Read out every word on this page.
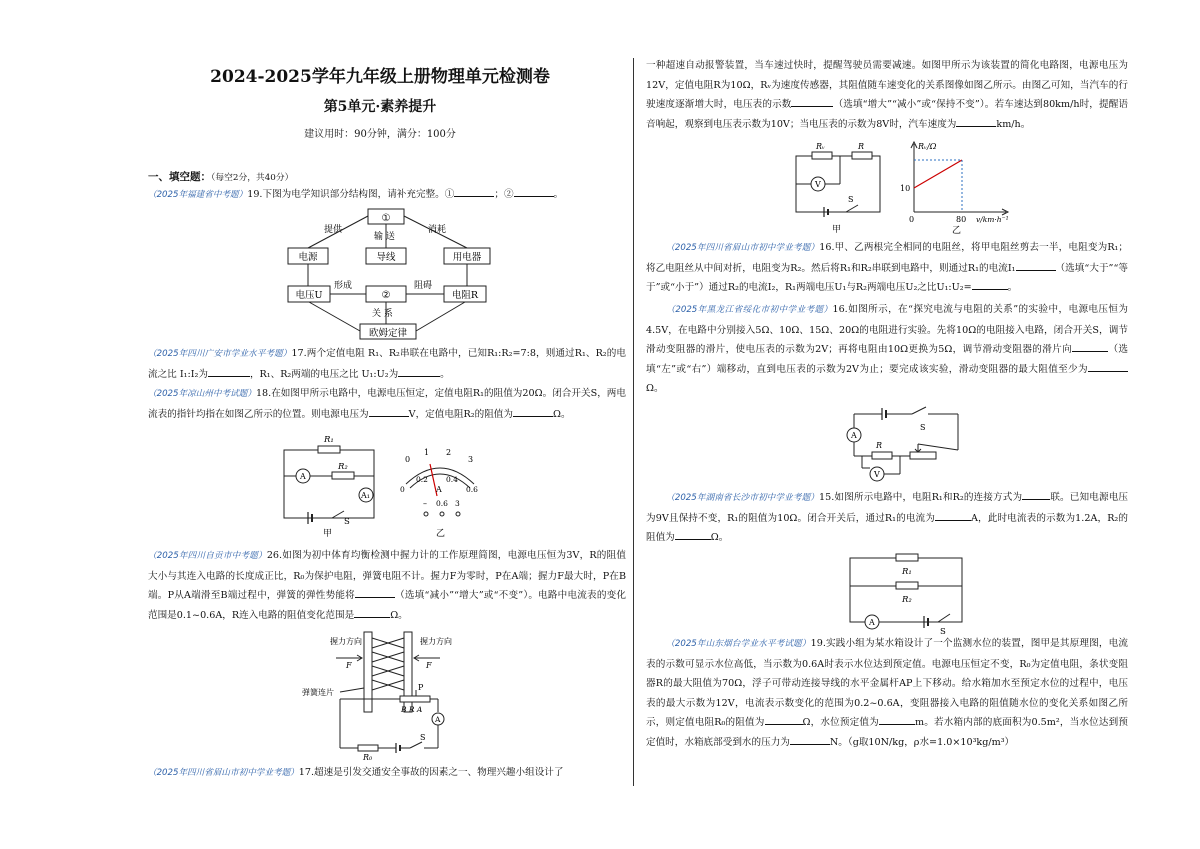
2024-2025学年九年级上册物理单元检测卷
第5单元·素养提升
建议用时：90分钟，满分：100分
一、填空题：（每空2分，共40分）
（2025年福建省中考题）19.下图为电学知识部分结构图，请补充完整。①	；②	。
①
电源	导线	用电器
电压U	②	电阻R
欧姆定律
提供	消耗
输 送
形成	阻碍
关 系
（2025年四川广安市学业水平考题）17.两个定值电阻 R₁、R₂串联在电路中，已知R₁:R₂=7:8，则通过R₁、R₂的电流之比 I₁:I₂为	，R₁、R₂两端的电压之比 U₁:U₂为	。
（2025年凉山州中考试题）18.在如图甲所示电路中，电源电压恒定，定值电阻R₁的阻值为20Ω。闭合开关S，两电流表的指针均指在如图乙所示的位置。则电源电压为	V，定值电阻R₂的阻值为	Ω。
R₁
R₂
A
A₁
S
甲
0
1 2
3
0
0.2 0.4
0.6
A
– 0.6 3
乙
（2025年四川自贡市中考题）26.如图为初中体育均衡检测中握力计的工作原理简图，电源电压恒为3V，R的阻值大小与其连入电路的长度成正比，R₀为保护电阻，弹簧电阻不计。握力F为零时，P在A端；握力F最大时，P在B端。P从A端滑至B端过程中，弹簧的弹性势能将	（选填“减小”“增大”或“不变”）。电路中电流表的变化范围是0.1~0.6A，R连入电路的阻值变化范围是	Ω。
握力方向	握力方向
F	F
弹簧连片
P
B R A
A
R₀
S
（2025年四川省眉山市初中学业考题）17.超速是引发交通安全事故的因素之一、物理兴趣小组设计了
一种超速自动报警装置，当车速过快时，提醒驾驶员需要减速。如图甲所示为该装置的简化电路图，电源电压为12V，定值电阻R为10Ω，Rᵥ为速度传感器，其阻值随车速变化的关系图像如图乙所示。由图乙可知，当汽车的行驶速度逐渐增大时，电压表的示数	（选填“增大”“减小”或“保持不变”）。若车速达到80km/h时，提醒语音响起，观察到电压表示数为10V；当电压表的示数为8V时，汽车速度为	km/h。
Rᵥ	R
V
S
甲
Rᵥ/Ω
10
0	80 v/km·h⁻¹
乙
（2025年四川省眉山市初中学业考题）16.甲、乙两根完全相同的电阻丝，将甲电阻丝剪去一半，电阻变为R₁；将乙电阻丝从中间对折，电阻变为R₂。然后将R₁和R₂串联到电路中，则通过R₁的电流I₁	（选填“大于”“等于”或“小于”）通过R₂的电流I₂，R₁两端电压U₁与R₂两端电压U₂之比U₁:U₂=	。
（2025年黑龙江省绥化市初中学业考题）16.如图所示，在“探究电流与电阻的关系”的实验中，电源电压恒为4.5V，在电路中分别接入5Ω、10Ω、15Ω、20Ω的电阻进行实验。先将10Ω的电阻接入电路，闭合开关S，调节滑动变阻器的滑片，使电压表的示数为2V；再将电阻由10Ω更换为5Ω，调节滑动变阻器的滑片向	（选填“左”或“右”）端移动，直到电压表的示数为2V为止；要完成该实验，滑动变阻器的最大阻值至少为Ω。
A
R
V
S
（2025年湖南省长沙市初中学业考题）15.如图所示电路中，电阻R₁和R₂的连接方式为	联。已知电源电压为9V且保持不变，R₁的阻值为10Ω。闭合开关后，通过R₁的电流为	A，此时电流表的示数为1.2A，R₂的阻值为	Ω。
R₁
R₂
A
S
（2025年山东烟台学业水平考试题）19.实践小组为某水箱设计了一个监测水位的装置，图甲是其原理图，电流表的示数可显示水位高低，当示数为0.6A时表示水位达到预定值。电源电压恒定不变，R₀为定值电阻，条状变阻器R的最大阻值为70Ω，浮子可带动连接导线的水平金属杆AP上下移动。给水箱加水至预定水位的过程中，电压表的最大示数为12V，电流表示数变化的范围为0.2~0.6A，变阻器接入电路的阻值随水位的变化关系如图乙所示，则定值电阻R₀的阻值为	Ω，水位预定值为	m。若水箱内部的底面积为0.5m²，当水位达到预定值时，水箱底部受到水的压力为	N。（g取10N/kg，ρ水=1.0×10³kg/m³）
